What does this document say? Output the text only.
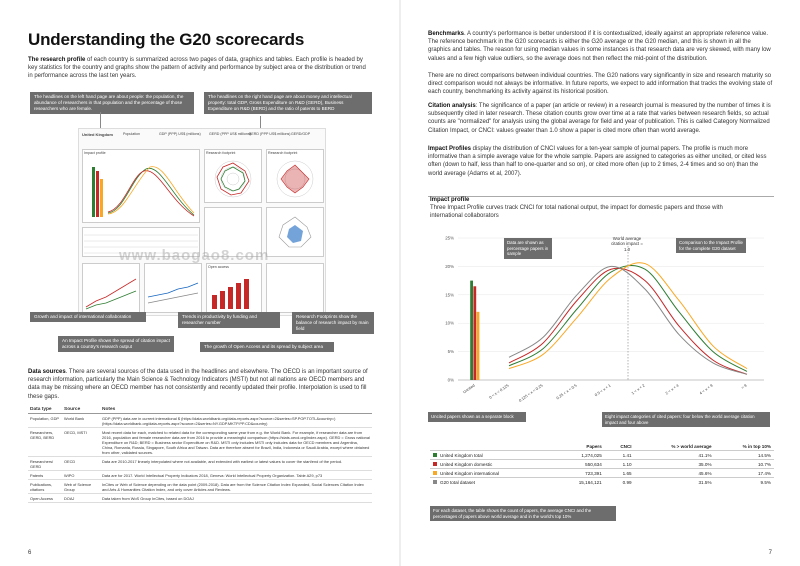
Understanding the G20 scorecards

The research profile of each country is summarized across two pages of data, graphics and tables. Each profile is headed by key statistics for the country and graphs show the pattern of activity and performance by subject area or the distribution or trend in performance across the last ten years.

The headlines on the left hand page are about people: the population, the abundance of researchers in that population and the percentage of those researchers who are female.
The headlines on the right hand page are about money and intellectual property: total GDP, Gross Expenditure on R&D (GERD), Business Expenditure on R&D (BERD) and the ratio of patents to BERD
United Kingdom	Population	GDP (PPP) US$ (millions) GERD (PPP US$ millions)
BERD (PPP US$ millions) GERD/GDP
Impact profile	Research footprint	Research footprint
Open access
www.baogao8.com
Growth and impact of international collaboration	Trends in productivity by funding and researcher number
Research Footprints show the balance of research impact by main field
An Impact Profile shows the spread of citation impact across a country's research output	The growth of Open Access and its spread by subject area

Data sources. There are several sources of the data used in the headlines and elsewhere. The OECD is an important source of research information, particularly the Main Science & Technology Indicators (MSTI) but not all nations are OECD members and data may be missing where an OECD member has not consistently and recently updated their profile. Interpolation is used to fill these gaps.

Data type	Source	Notes
Population, GDP	World Bank	GDP (PPP) data are in current international $ (https://data.worldbank.org/data-reports.aspx?source=2&series=SP.POP.TOTL&country=) (https://data.worldbank.org/data-reports.aspx?source=2&series=NY.GDP.MKTP.PP.CD&country)
Researchers, GERD, BERD	OECD, MSTI	Most recent data for each, matched to related data for the corresponding same year from e.g. the World Bank. For example, if researcher data are from 2016, population and female researcher data are from 2016 to provide a meaningful comparison (https://stats.oecd.org/index.aspx). GERD = Gross national Expenditure on R&D; BERD = Business sector Expenditure on R&D. MSTI only includes MSTI only includes data for OECD members and Argentina, China, Romania, Russia, Singapore, South Africa and Taiwan. Data are therefore absent for Brazil, India, Indonesia or Saudi Arabia, except where obtained from other, validated sources.
Researchers/ GERD	OECD	Data are 2010-2017 linearly interpolated where not available, and extended with earliest or latest values to cover the start/end of the period.
Patents	WIPO	Data are for 2017. World Intellectual Property Indicators 2018, Geneva: World Intellectual Property Organization. Table A29, p73
Publications, citations	Web of Science Group	InCites or Web of Science depending on the data point (2009-2018). Data are from the Science Citation Index Expanded, Social Sciences Citation Index and Arts & Humanities Citation Index, and only cover Articles and Reviews.
Open Access	DOAJ	Data taken from WoS Group InCites, based on DOAJ
6

Benchmarks. A country's performance is better understood if it is contextualized, ideally against an appropriate reference value. The reference benchmark in the G20 scorecards is either the G20 average or the G20 median, and this is shown in all the graphics and tables. The reason for using median values in some instances is that research data are very skewed, with many low values and a few high value outliers, so the average does not then reflect the mid-point of the distribution.

There are no direct comparisons between individual countries. The G20 nations vary significantly in size and research maturity so direct comparison would not always be informative. In future reports, we expect to add information that tracks the evolving state of each country, benchmarking its activity against its historical position.

Citation analysis: The significance of a paper (an article or review) in a research journal is measured by the number of times it is subsequently cited in later research. These citation counts grow over time at a rate that varies between research fields, so actual counts are "normalized" for analysis using the global average for field and year of publication. This is called Category Normalized Citation Impact, or CNCI: values greater than 1.0 show a paper is cited more often than world average.

Impact Profiles display the distribution of CNCI values for a ten-year sample of journal papers. The profile is much more informative than a simple average value for the whole sample. Papers are assigned to categories as either uncited, or cited less often (down to half, less than half to one-quarter and so on), or cited more often (up to 2 times, 2-4 times and so on) than the world average (Adams et al, 2007).

Impact profile
Three Impact Profile curves track CNCI for total national output, the impact for domestic papers and those with international collaborators
7
0%
5%
10%
15%
20%
25%
Uncited	0 < x < 0.125 0.125 < x < 0.25	0.25 < x < 0.5	0.5 < x < 1	1 < x < 2	2 < x < 4	4 < x < 8	> 8
Data are shown as percentage papers in sample
World average citation impact = 1.0
Comparison to the Impact Profile for the complete G20 dataset
Uncited papers shown as a separate block	Eight impact categories of cited papers: four below the world average citation impact and four above
	Papers	CNCI	% > world average	% in top 10%
United Kingdom total	1,274,025	1.41	41.1%	14.5%
United Kingdom domestic	550,634	1.10	35.0%	10.7%
United Kingdom international	723,391	1.65	45.6%	17.4%
G20 total dataset	15,164,121	0.99	31.5%	9.5%
For each dataset, the table shows the count of papers, the average CNCI and the percentages of papers above world average and in the world's top 10%
